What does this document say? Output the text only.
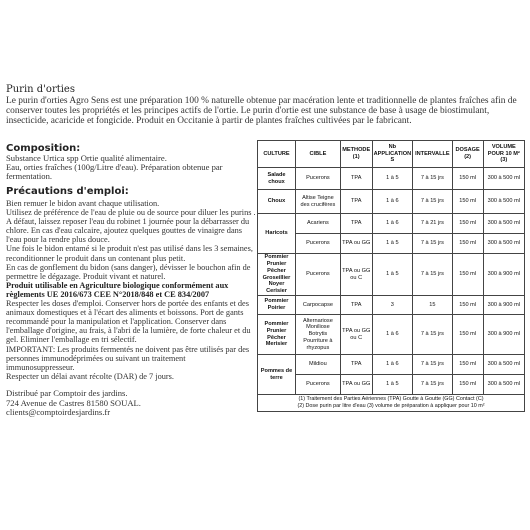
Purin d'orties
Le purin d'orties Agro Sens est une préparation 100 % naturelle obtenue par macération lente et traditionnelle de plantes fraîches afin de conserver toutes les propriétés et les principes actifs de l'ortie. Le purin d'ortie est une substance de base à usage de biostimulant, insecticide, acaricide et fongicide. Produit en Occitanie à partir de plantes fraîches cultivées par le fabricant.
Composition:
Substance Urtica spp Ortie qualité alimentaire.
Eau, orties fraîches (100g/Litre d'eau). Préparation obtenue par fermentation.
Précautions d'emploi:

Bien remuer le bidon avant chaque utilisation.

Utilisez de préférence de l'eau de pluie ou de source pour diluer les purins . A défaut, laissez reposer l'eau du robinet 1 journée pour la débarrasser du chlore. En cas d'eau calcaire, ajoutez quelques gouttes de vinaigre dans l'eau pour la rendre plus douce.

Une fois le bidon entamé si le produit n'est pas utilisé dans les 3 semaines, reconditionner le produit dans un contenant plus petit.

En cas de gonflement du bidon (sans danger), dévisser le bouchon afin de permettre le dégazage. Produit vivant et naturel.

Produit utilisable en Agriculture biologique conformément aux règlements UE 2016/673 CEE N°2018/848 et CE 834/2007

Respecter les doses d'emploi. Conserver hors de portée des enfants et des animaux domestiques et à l'écart des aliments et boissons. Port de gants recommandé pour la manipulation et l'application. Conserver dans l'emballage d'origine, au frais, à l'abri de la lumière, de forte chaleur et du gel. Eliminer l'emballage en tri sélectif.

IMPORTANT: Les produits fermentés ne doivent pas être utilisés par des personnes immunodéprimées ou suivant un traitement immunosuppresseur.

Respecter un délai avant récolte (DAR) de 7 jours.

Distribué par Comptoir des jardins.
724 Avenue de Castres 81580 SOUAL.
clients@comptoirdesjardins.fr
CULTURE	CIBLE	METHODE (1)	Nb APPLICATION S	INTERVALLE	DOSAGE (2)	VOLUME POUR 10 M² (3)
Salade choux	Pucerons	TPA	1 à 5	7 à 15 jrs	150 ml	300 à 500 ml
Choux	Altise Teigne des crucifères	TPA	1 à 6	7 à 15 jrs	150 ml	300 à 500 ml
Haricots	Acariens	TPA	1 à 6	7 à 21 jrs	150 ml	300 à 500 ml
	Pucerons	TPA ou GG	1 à 5	7 à 15 jrs	150 ml	300 à 500 ml
Pommier Prunier Pêcher Groseillier Noyer Cerisier	Pucerons	TPA ou GG ou C	1 à 5	7 à 15 jrs	150 ml	300 à 900 ml
Pommier Poirier	Carpocapse	TPA	3	15	150 ml	300 à 900 ml
Pommier Prunier Pêcher Merisier	Alternariose Moniliose Botrytis Pourriture à rhyzopus	TPA ou GG ou C	1 à 6	7 à 15 jrs	150 ml	300 à 900 ml
Pommes de terre	Mildiou	TPA	1 à 6	7 à 15 jrs	150 ml	300 à 500 ml
	Pucerons	TPA ou GG	1 à 5	7 à 15 jrs	150 ml	300 à 500 ml
(1) Traitement des Parties Aériennes (TPA) Goutte à Goutte (GG) Contact (C)
(2) Dose purin par litre d'eau (3) volume de préparation à appliquer pour 10 m²
